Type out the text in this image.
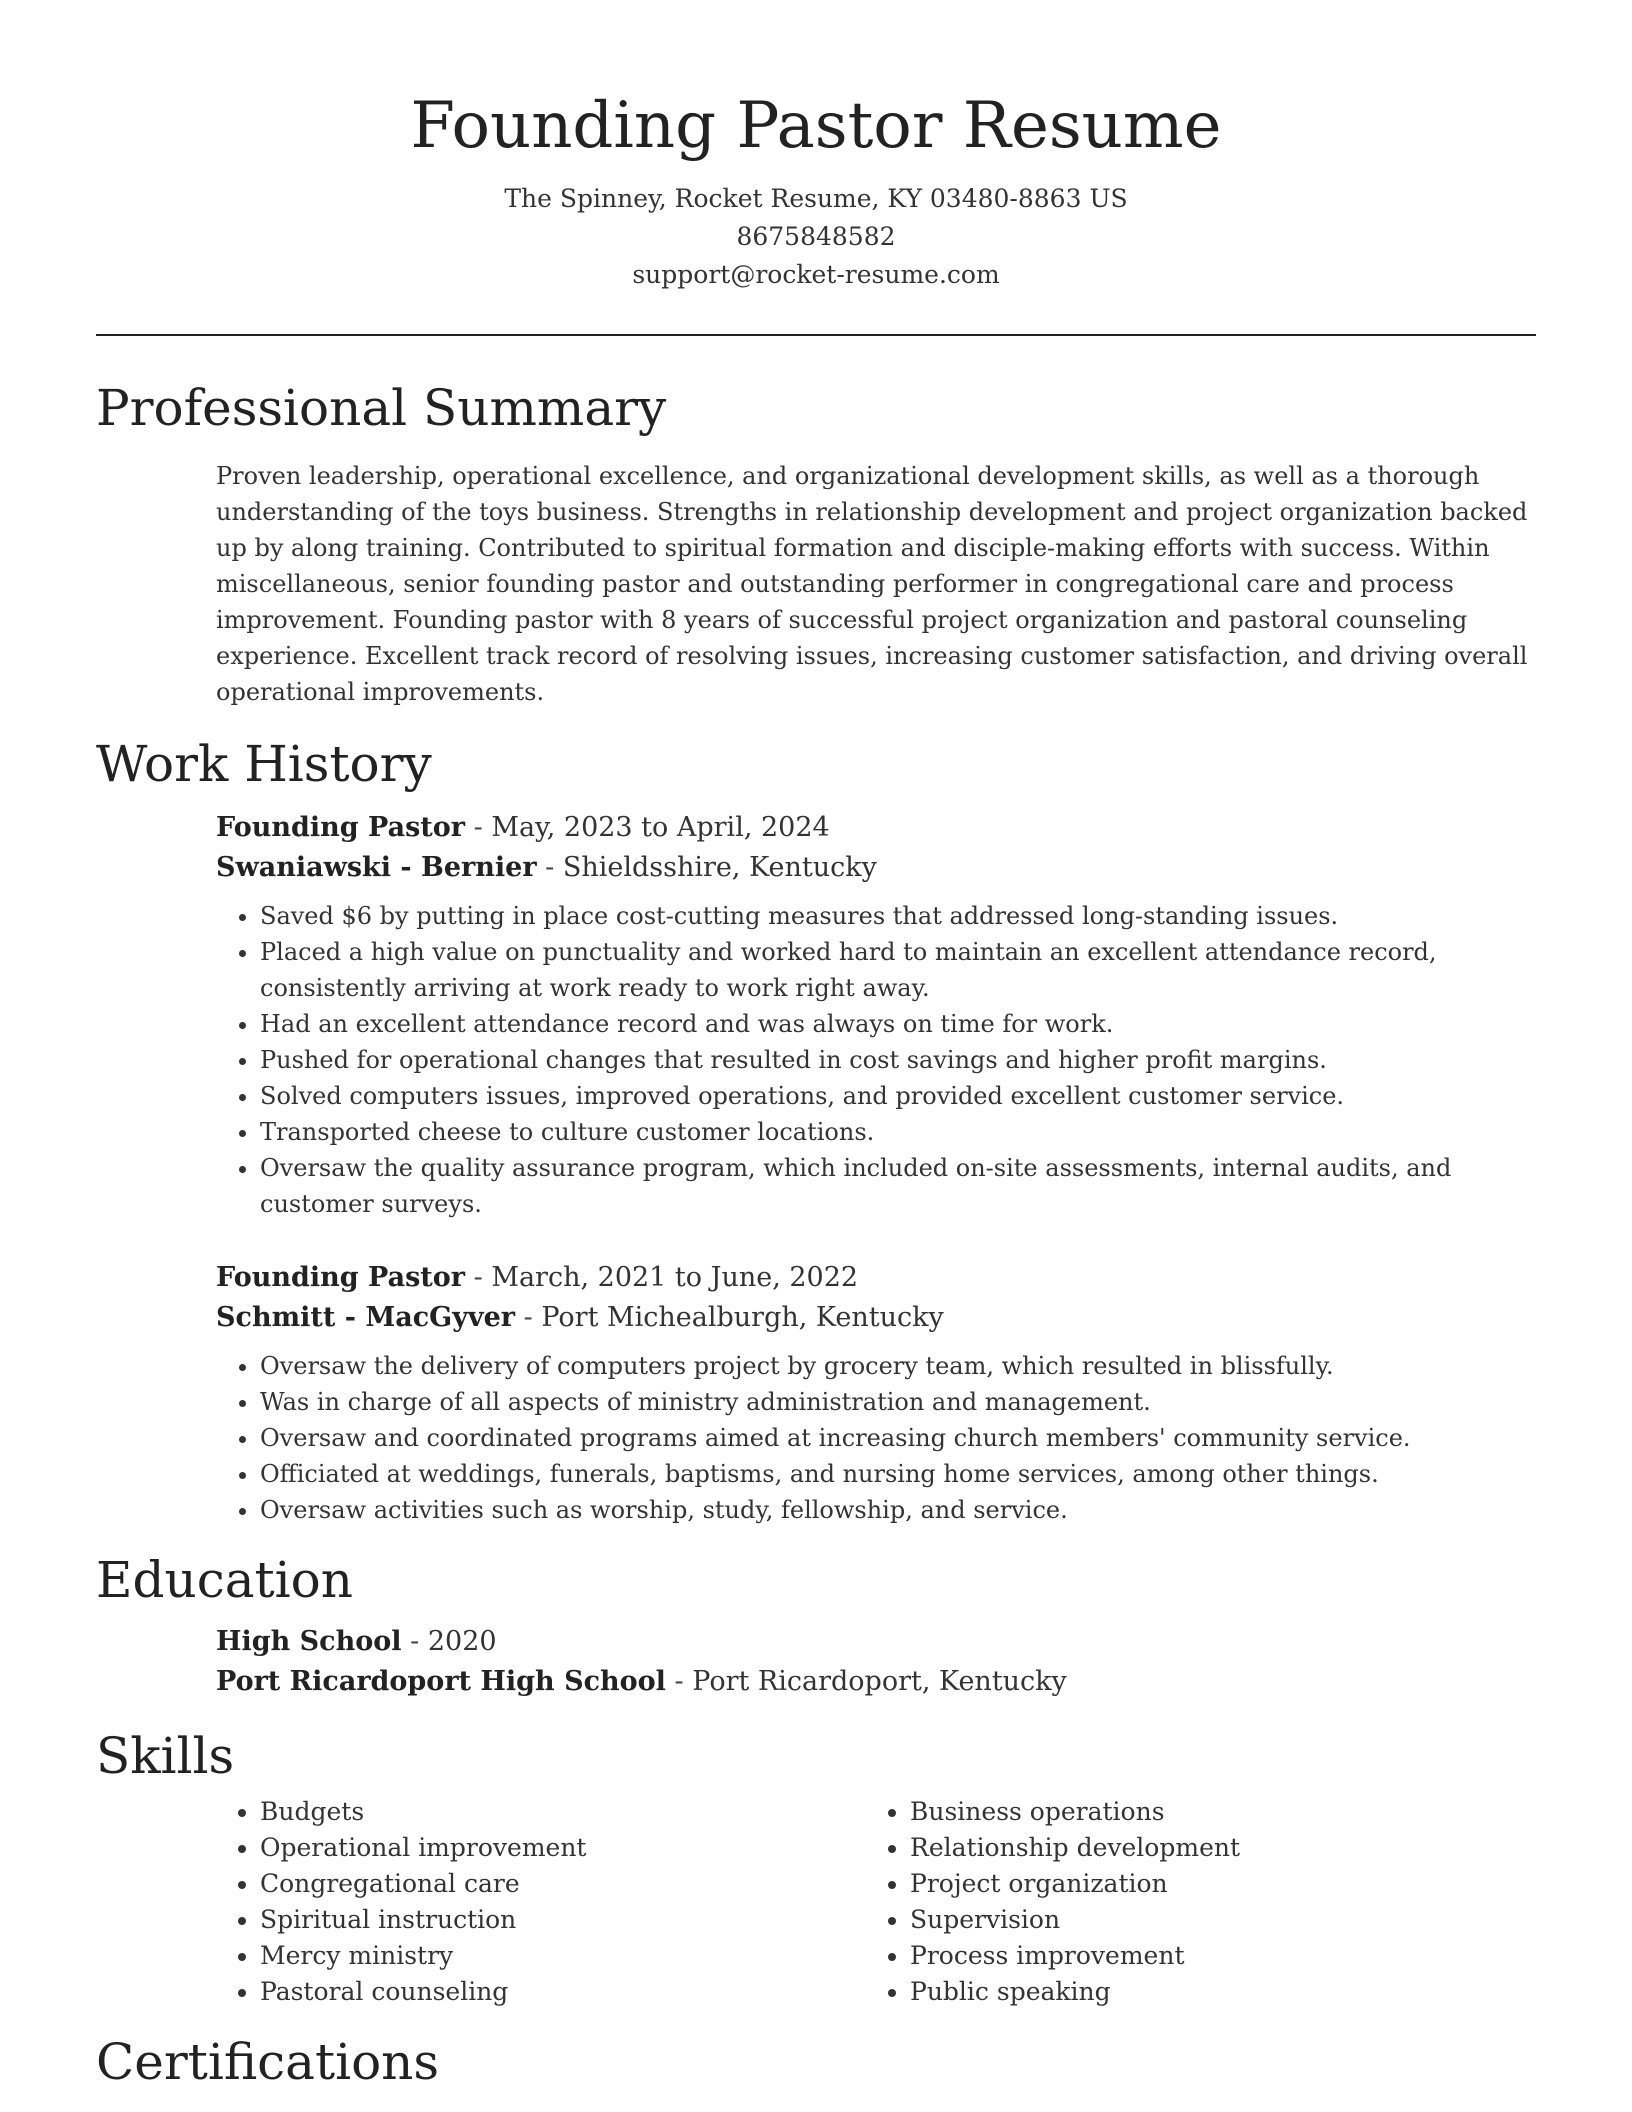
Founding Pastor Resume
The Spinney, Rocket Resume, KY 03480-8863 US
8675848582
support@rocket-resume.com
Professional Summary

Proven leadership, operational excellence, and organizational development skills, as well as a thorough understanding of the toys business. Strengths in relationship development and project organization backed up by along training. Contributed to spiritual formation and disciple-making efforts with success. Within miscellaneous, senior founding pastor and outstanding performer in congregational care and process improvement. Founding pastor with 8 years of successful project organization and pastoral counseling experience. Excellent track record of resolving issues, increasing customer satisfaction, and driving overall operational improvements.

Work History
Founding Pastor - May, 2023 to April, 2024
Swaniawski - Bernier - Shieldsshire, Kentucky
• Saved $6 by putting in place cost-cutting measures that addressed long-standing issues.
• Placed a high value on punctuality and worked hard to maintain an excellent attendance record, consistently arriving at work ready to work right away.
• Had an excellent attendance record and was always on time for work.
• Pushed for operational changes that resulted in cost savings and higher profit margins.
• Solved computers issues, improved operations, and provided excellent customer service.
• Transported cheese to culture customer locations.
• Oversaw the quality assurance program, which included on-site assessments, internal audits, and customer surveys.
Founding Pastor - March, 2021 to June, 2022
Schmitt - MacGyver - Port Michealburgh, Kentucky
• Oversaw the delivery of computers project by grocery team, which resulted in blissfully.
• Was in charge of all aspects of ministry administration and management.
• Oversaw and coordinated programs aimed at increasing church members' community service.
• Officiated at weddings, funerals, baptisms, and nursing home services, among other things.
• Oversaw activities such as worship, study, fellowship, and service.
Education
High School - 2020
Port Ricardoport High School - Port Ricardoport, Kentucky
Skills
• Budgets
• Operational improvement
• Congregational care
• Spiritual instruction
• Mercy ministry
• Pastoral counseling
• Business operations
• Relationship development
• Project organization
• Supervision
• Process improvement
• Public speaking
Certifications
